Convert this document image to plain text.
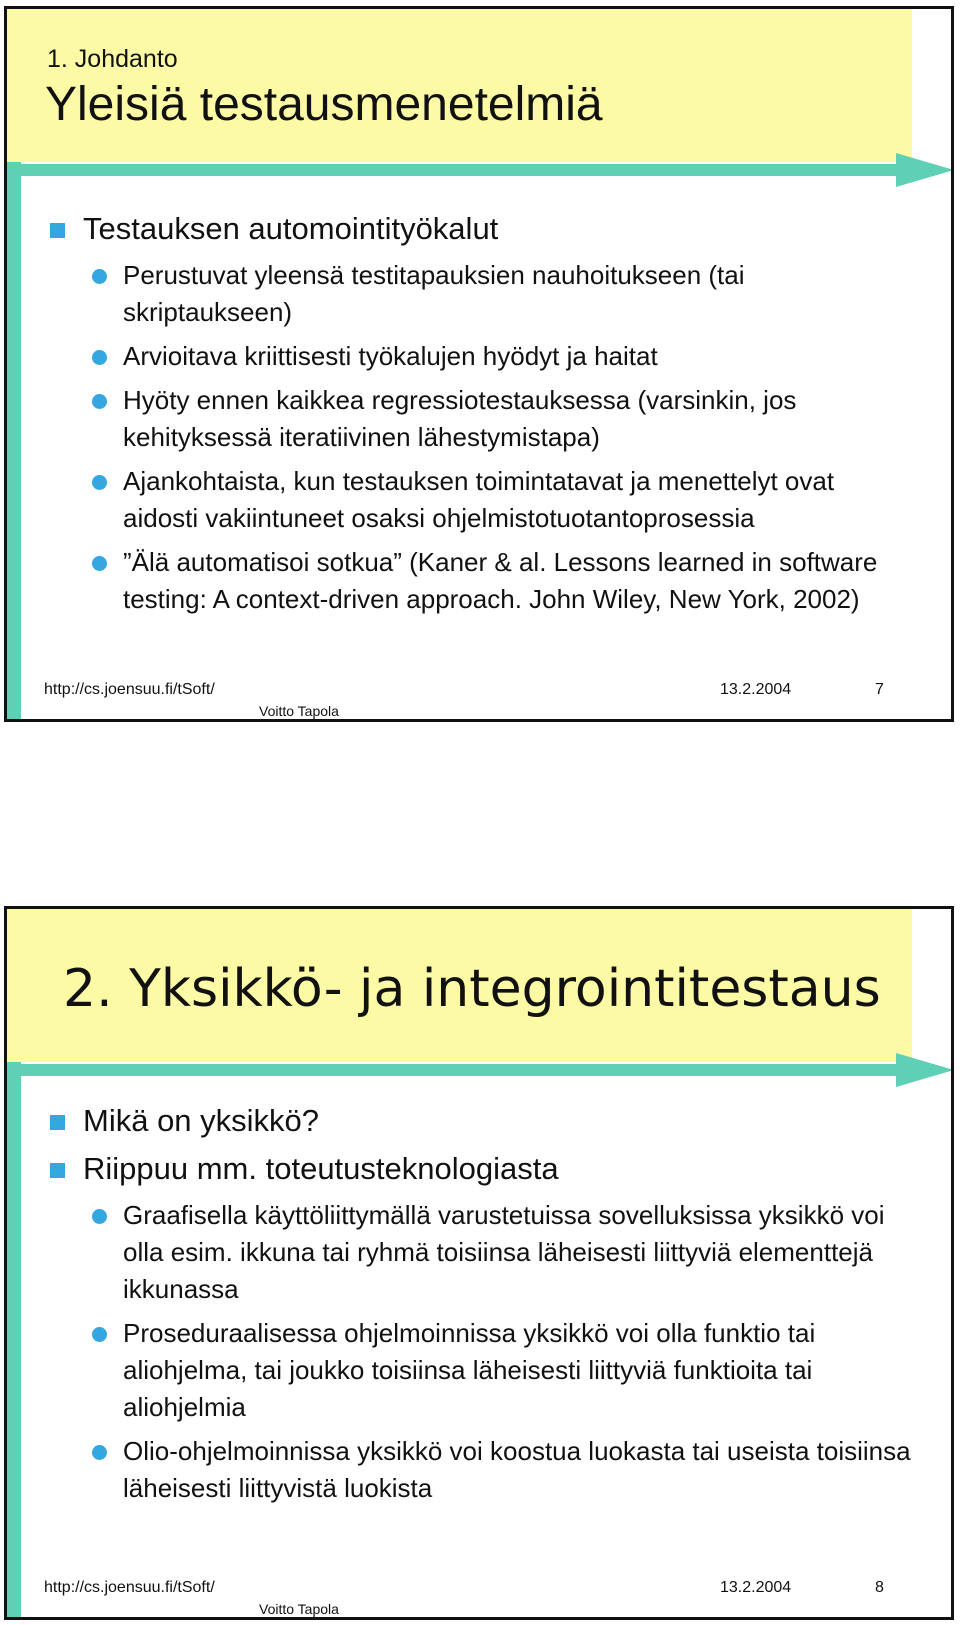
1. Johdanto
Yleisiä testausmenetelmiä
Testauksen automointityökalut
Perustuvat yleensä testitapauksien nauhoitukseen (tai skriptaukseen)
Arvioitava kriittisesti työkalujen hyödyt ja haitat
Hyöty ennen kaikkea regressiotestauksessa (varsinkin, jos kehityksessä iteratiivinen lähestymistapa)
Ajankohtaista, kun testauksen toimintatavat ja menettelyt ovat aidosti vakiintuneet osaksi ohjelmistotuotantoprosessia
”Älä automatisoi sotkua” (Kaner & al. Lessons learned in software testing: A context-driven approach. John Wiley, New York, 2002)
http://cs.joensuu.fi/tSoft/
Voitto Tapola
13.2.2004	7
2. Yksikkö- ja integrointitestaus
Mikä on yksikkö?
Riippuu mm. toteutusteknologiasta
Graafisella käyttöliittymällä varustetuissa sovelluksissa yksikkö voi olla esim. ikkuna tai ryhmä toisiinsa läheisesti liittyviä elementtejä ikkunassa
Proseduraalisessa ohjelmoinnissa yksikkö voi olla funktio tai aliohjelma, tai joukko toisiinsa läheisesti liittyviä funktioita tai aliohjelmia
Olio-ohjelmoinnissa yksikkö voi koostua luokasta tai useista toisiinsa läheisesti liittyvistä luokista
http://cs.joensuu.fi/tSoft/
Voitto Tapola
13.2.2004	8
